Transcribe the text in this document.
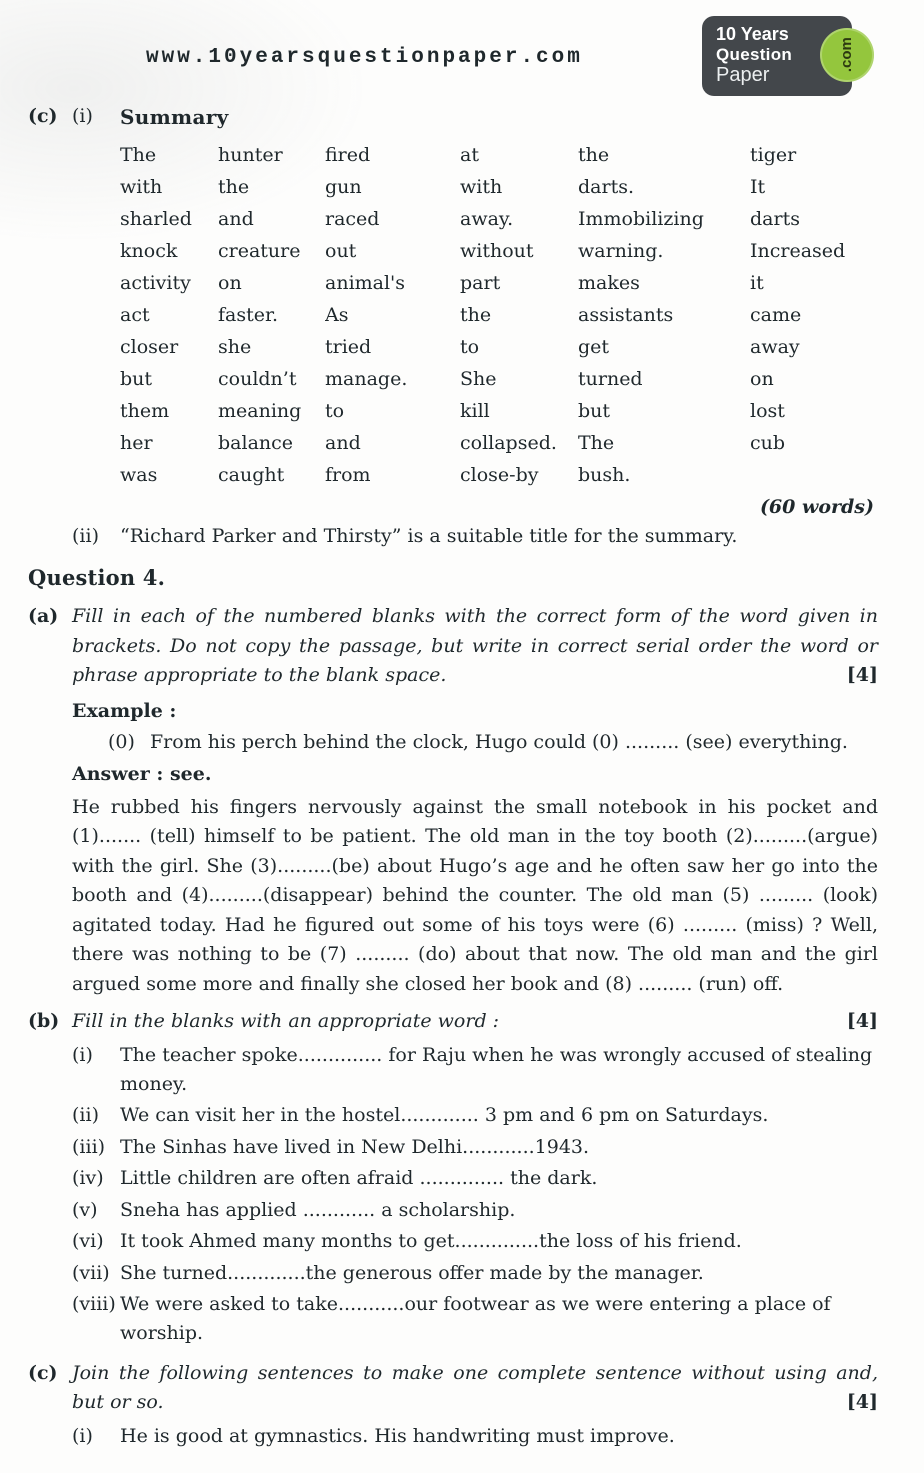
www.10yearsquestionpaper.com
10 Years
Question
Paper
.com
(c) (i)	Summary
The	hunter	fired	at	the	tiger
with	the	gun	with	darts.	It
sharled	and	raced	away.	Immobilizing	darts
knock	creature	out	without	warning.	Increased
activity	on	animal's	part	makes	it
act	faster.	As	the	assistants	came
closer	she	tried	to	get	away
but	couldn’t	manage.	She	turned	on
them	meaning	to	kill	but	lost
her	balance	and	collapsed.	The	cub
was	caught	from	close-by	bush.
(60 words)
(ii)	“Richard Parker and Thirsty” is a suitable title for the summary.
Question 4.
(a) Fill in each of the numbered blanks with the correct form of the word given in brackets. Do not copy the passage, but write in correct serial order the word or phrase appropriate to the blank space.	[4]
Example :
(0) From his perch behind the clock, Hugo could (0) ......... (see) everything.
Answer : see.
He rubbed his fingers nervously against the small notebook in his pocket and (1)....... (tell) himself to be patient. The old man in the toy booth (2).........(argue) with the girl. She (3).........(be) about Hugo’s age and he often saw her go into the booth and (4).........(disappear) behind the counter. The old man (5) ......... (look) agitated today. Had he figured out some of his toys were (6) ......... (miss) ? Well, there was nothing to be (7) ......... (do) about that now. The old man and the girl argued some more and finally she closed her book and (8) ......... (run) off.
(b) Fill in the blanks with an appropriate word :	[4]
(i)	The teacher spoke.............. for Raju when he was wrongly accused of stealing money.
(ii)	We can visit her in the hostel............. 3 pm and 6 pm on Saturdays.
(iii) The Sinhas have lived in New Delhi............1943.
(iv) Little children are often afraid .............. the dark.
(v)	Sneha has applied ............ a scholarship.
(vi) It took Ahmed many months to get..............the loss of his friend.
(vii) She turned.............the generous offer made by the manager.
(viii) We were asked to take...........our footwear as we were entering a place of worship.
(c) Join the following sentences to make one complete sentence without using and, but or so.	[4]
(i)	He is good at gymnastics. His handwriting must improve.
